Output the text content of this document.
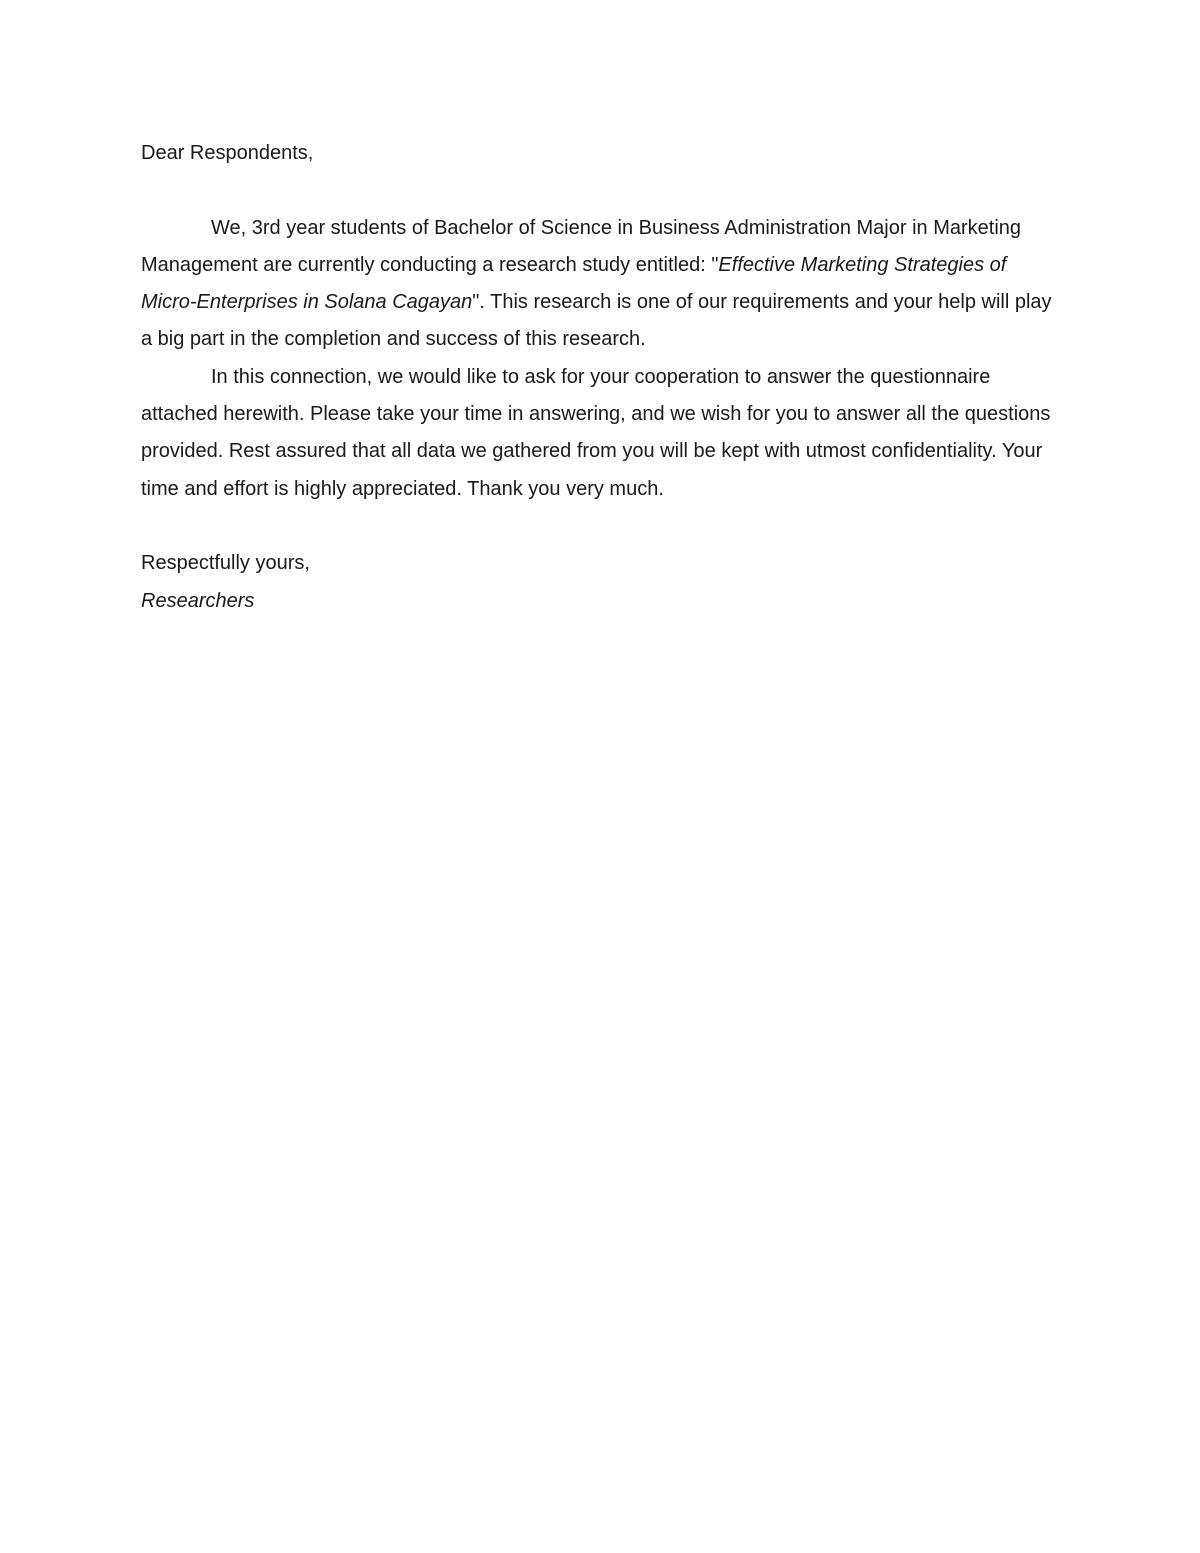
Dear Respondents,

We, 3rd year students of Bachelor of Science in Business Administration Major in Marketing Management are currently conducting a research study entitled: "Effective Marketing Strategies of Micro-Enterprises in Solana Cagayan". This research is one of our requirements and your help will play a big part in the completion and success of this research.

In this connection, we would like to ask for your cooperation to answer the questionnaire attached herewith. Please take your time in answering, and we wish for you to answer all the questions provided. Rest assured that all data we gathered from you will be kept with utmost confidentiality. Your time and effort is highly appreciated. Thank you very much.

Respectfully yours,

Researchers
